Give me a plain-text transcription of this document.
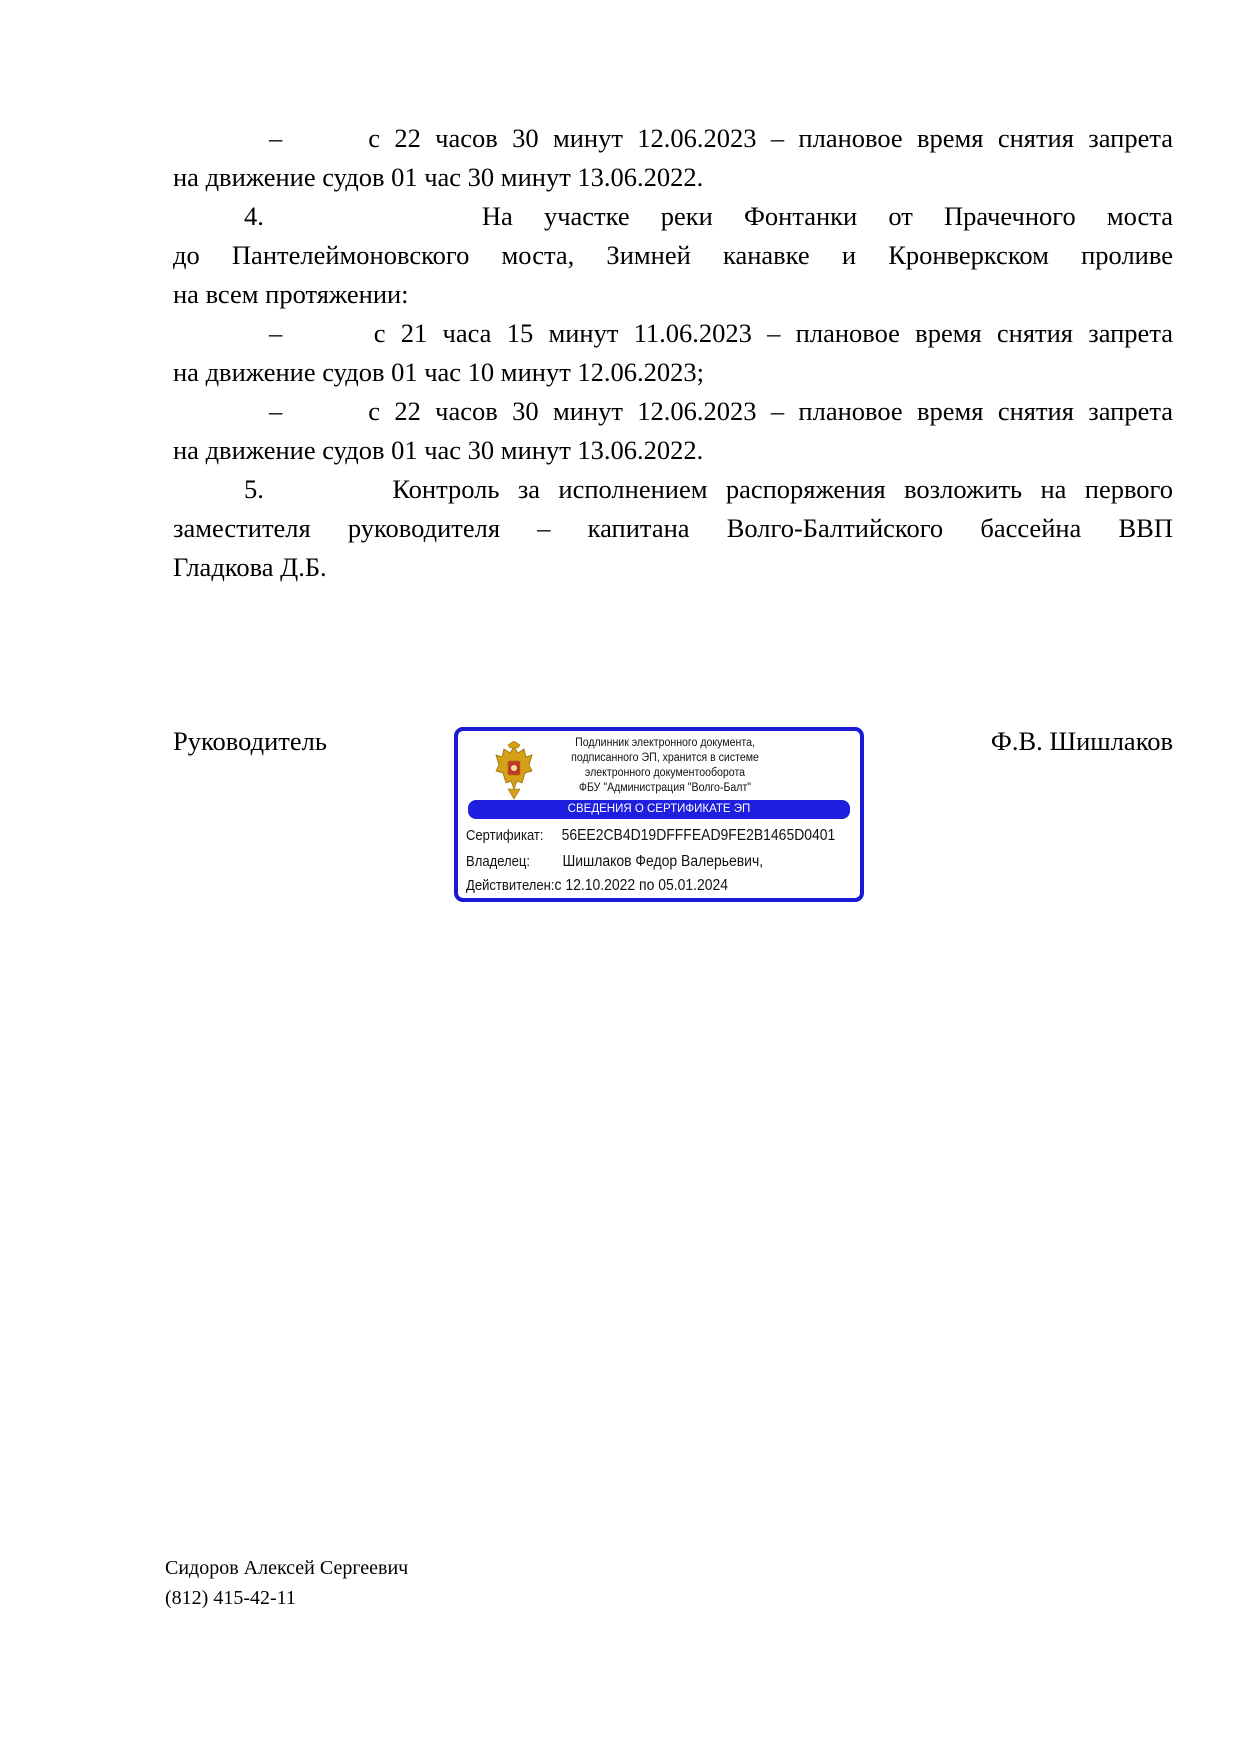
–      с 22 часов 30 минут 12.06.2023 – плановое время снятия запрета
на движение судов 01 час 30 минут 13.06.2022.
4.       На участке реки Фонтанки от Прачечного моста
до Пантелеймоновского моста, Зимней канавке и Кронверкском проливе
на всем протяжении:
–      с 21 часа 15 минут 11.06.2023 – плановое время снятия запрета
на движение судов 01 час 10 минут 12.06.2023;
–      с 22 часов 30 минут 12.06.2023 – плановое время снятия запрета
на движение судов 01 час 30 минут 13.06.2022.
5.       Контроль за исполнением распоряжения возложить на первого
заместителя руководителя – капитана Волго-Балтийского бассейна ВВП
Гладкова Д.Б.
Руководитель	Ф.В. Шишлаков
Подлинник электронного документа,
подписанного ЭП, хранится в системе
электронного документооборота
ФБУ "Администрация "Волго-Балт"
СВЕДЕНИЯ О СЕРТИФИКАТЕ ЭП
Сертификат: 56EE2CB4D19DFFFEAD9FE2B1465D0401
Владелец: Шишлаков Федор Валерьевич,
Действителен:с 12.10.2022 по 05.01.2024
Сидоров Алексей Сергеевич
(812) 415-42-11
